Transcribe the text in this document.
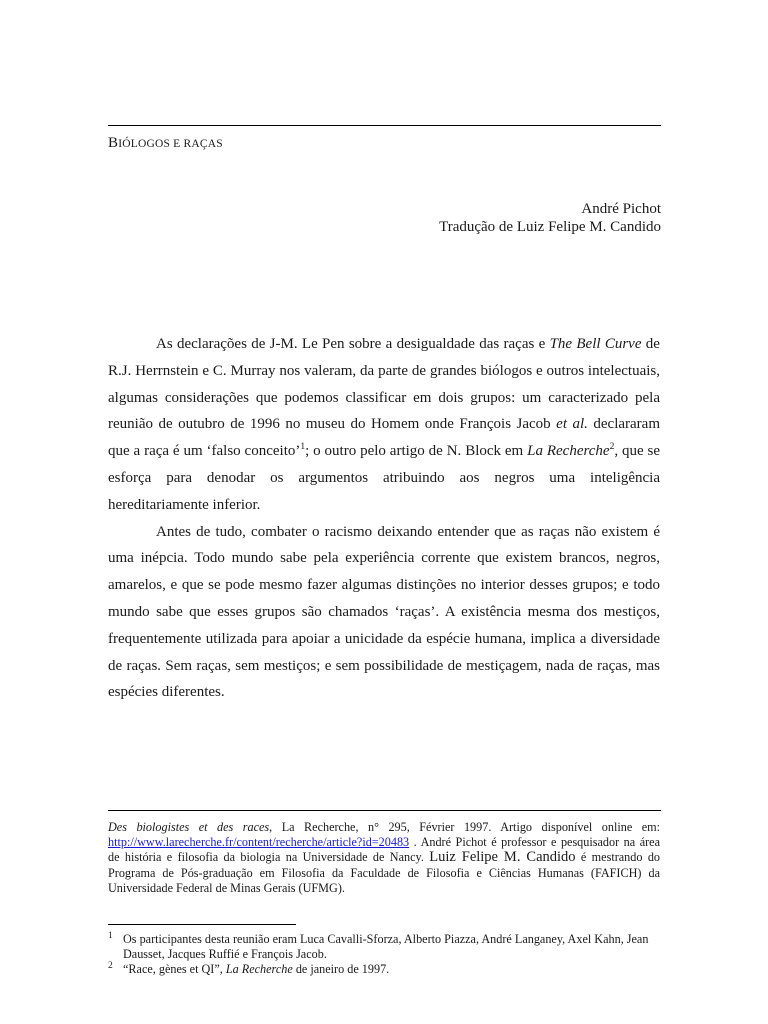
BIÓLOGOS E RAÇAS
André Pichot
Tradução de Luiz Felipe M. Candido

As declarações de J-M. Le Pen sobre a desigualdade das raças e The Bell Curve de R.J. Herrnstein e C. Murray nos valeram, da parte de grandes biólogos e outros intelectuais, algumas considerações que podemos classificar em dois grupos: um caracterizado pela reunião de outubro de 1996 no museu do Homem onde François Jacob et al. declararam que a raça é um ‘falso conceito’$^1$; o outro pelo artigo de N. Block em La Recherche$^2$, que se esforça para denodar os argumentos atribuindo aos negros uma inteligência hereditariamente inferior.

Antes de tudo, combater o racismo deixando entender que as raças não existem é uma inépcia. Todo mundo sabe pela experiência corrente que existem brancos, negros, amarelos, e que se pode mesmo fazer algumas distinções no interior desses grupos; e todo mundo sabe que esses grupos são chamados ‘raças’. A existência mesma dos mestiços, frequentemente utilizada para apoiar a unicidade da espécie humana, implica a diversidade de raças. Sem raças, sem mestiços; e sem possibilidade de mestiçagem, nada de raças, mas espécies diferentes.

Des biologistes et des races, La Recherche, n° 295, Février 1997. Artigo disponível online em: http://www.larecherche.fr/content/recherche/article?id=20483 . André Pichot é professor e pesquisador na área de história e filosofia da biologia na Universidade de Nancy. Luiz Felipe M. Candido é mestrando do Programa de Pós-graduação em Filosofia da Faculdade de Filosofia e Ciências Humanas (FAFICH) da Universidade Federal de Minas Gerais (UFMG).
1 Os participantes desta reunião eram Luca Cavalli-Sforza, Alberto Piazza, André Langaney, Axel Kahn, Jean Dausset, Jacques Ruffié e François Jacob.
2 “Race, gènes et QI”, La Recherche de janeiro de 1997.
